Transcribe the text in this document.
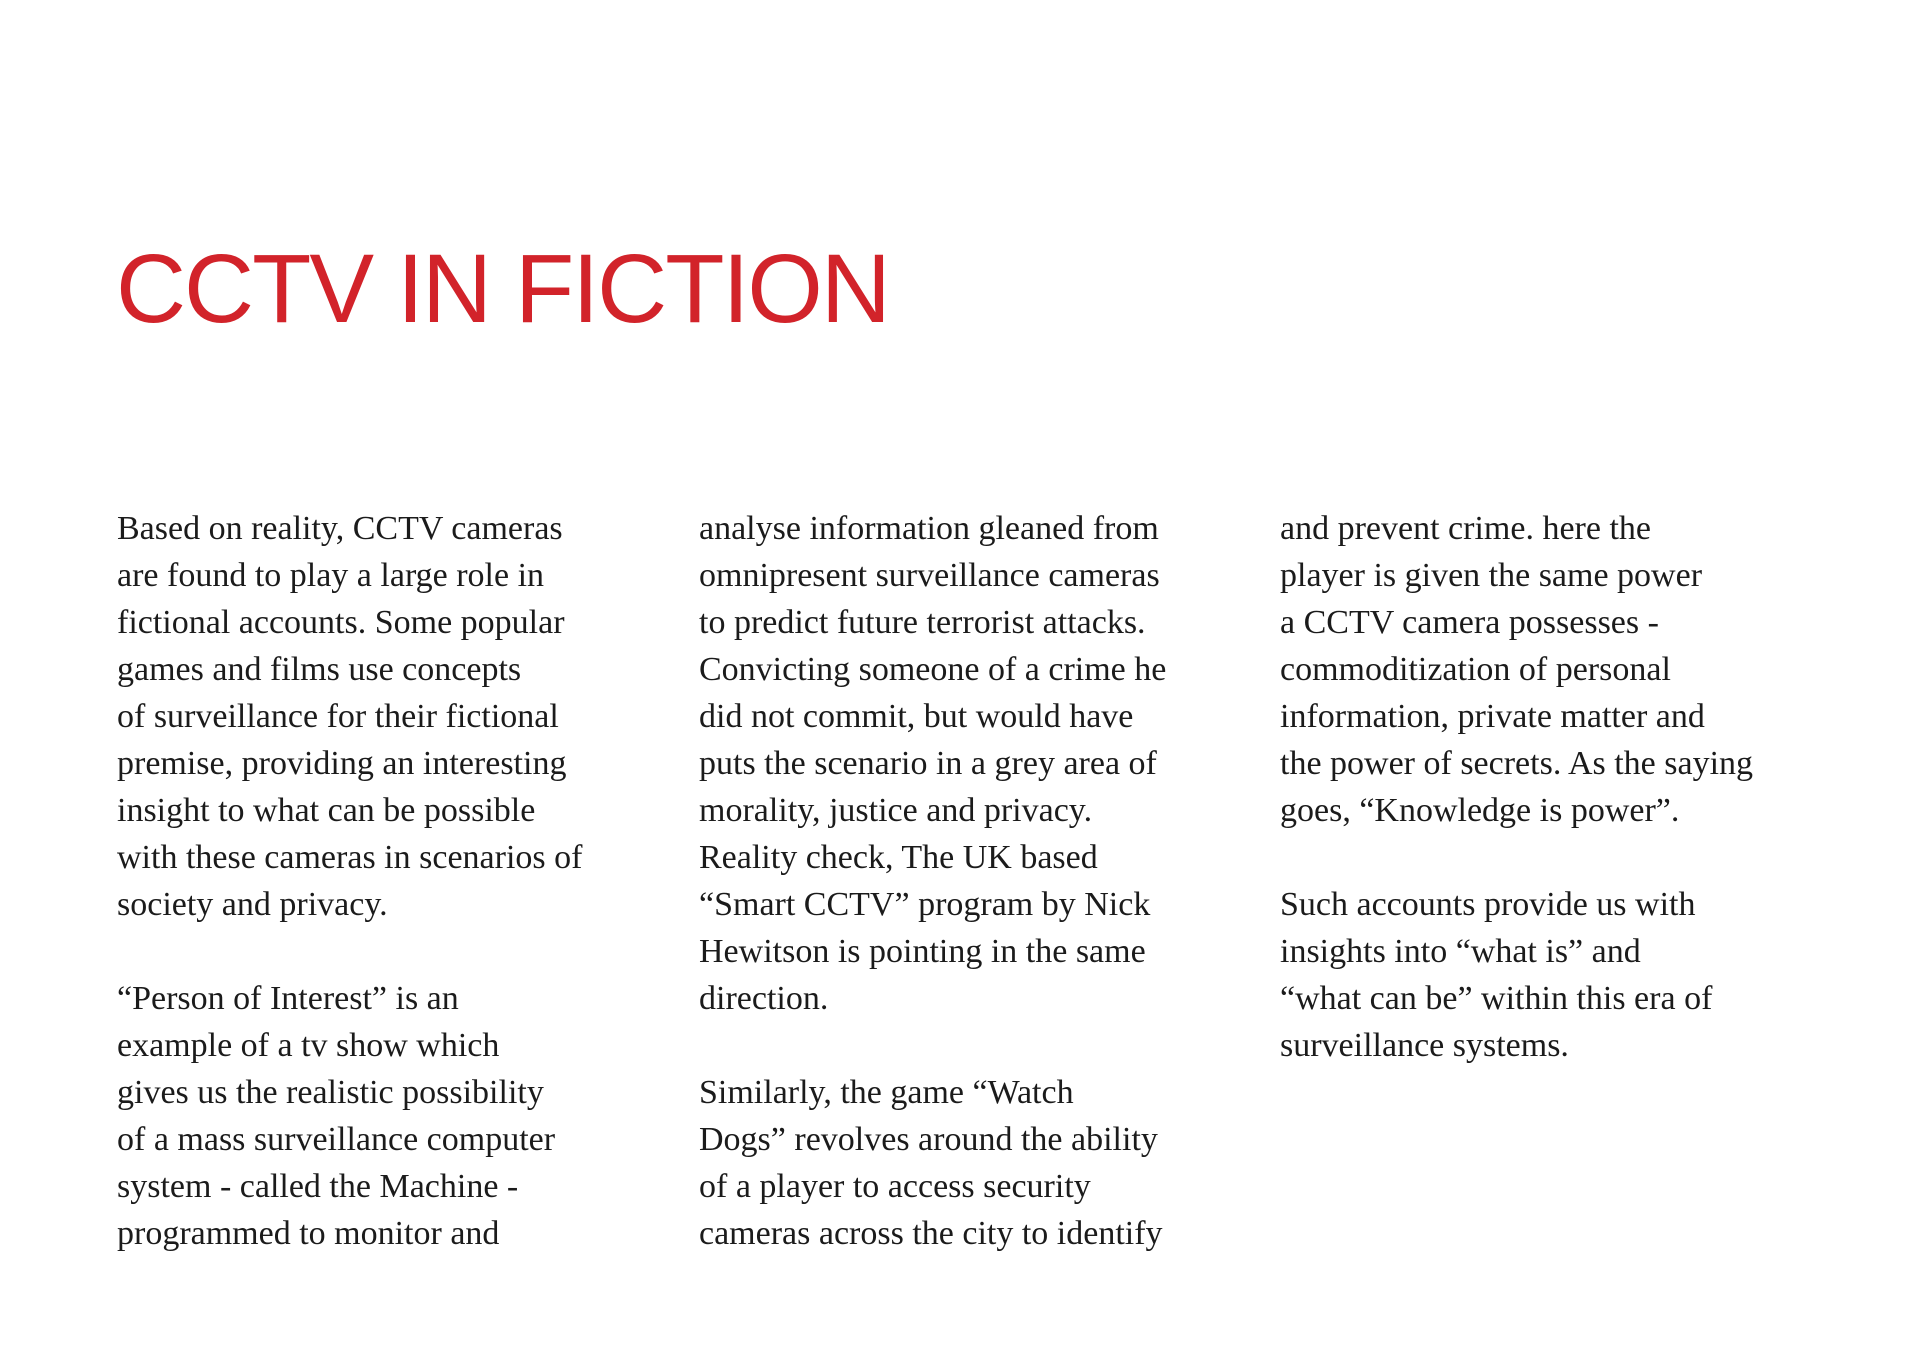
CCTV IN FICTION
Based on reality, CCTV cameras
are found to play a large role in
fictional accounts. Some popular
games and films use concepts
of surveillance for their fictional
premise, providing an interesting
insight to what can be possible
with these cameras in scenarios of
society and privacy.
“Person of Interest” is an
example of a tv show which
gives us the realistic possibility
of a mass surveillance computer
system - called the Machine -
programmed to monitor and
analyse information gleaned from
omnipresent surveillance cameras
to predict future terrorist attacks.
Convicting someone of a crime he
did not commit, but would have
puts the scenario in a grey area of
morality, justice and privacy.
Reality check, The UK based
“Smart CCTV” program by Nick
Hewitson is pointing in the same
direction.
Similarly, the game “Watch
Dogs” revolves around the ability
of a player to access security
cameras across the city to identify
and prevent crime. here the
player is given the same power
a CCTV camera possesses -
commoditization of personal
information, private matter and
the power of secrets. As the saying
goes, “Knowledge is power”.
Such accounts provide us with
insights into “what is” and
“what can be” within this era of
surveillance systems.
